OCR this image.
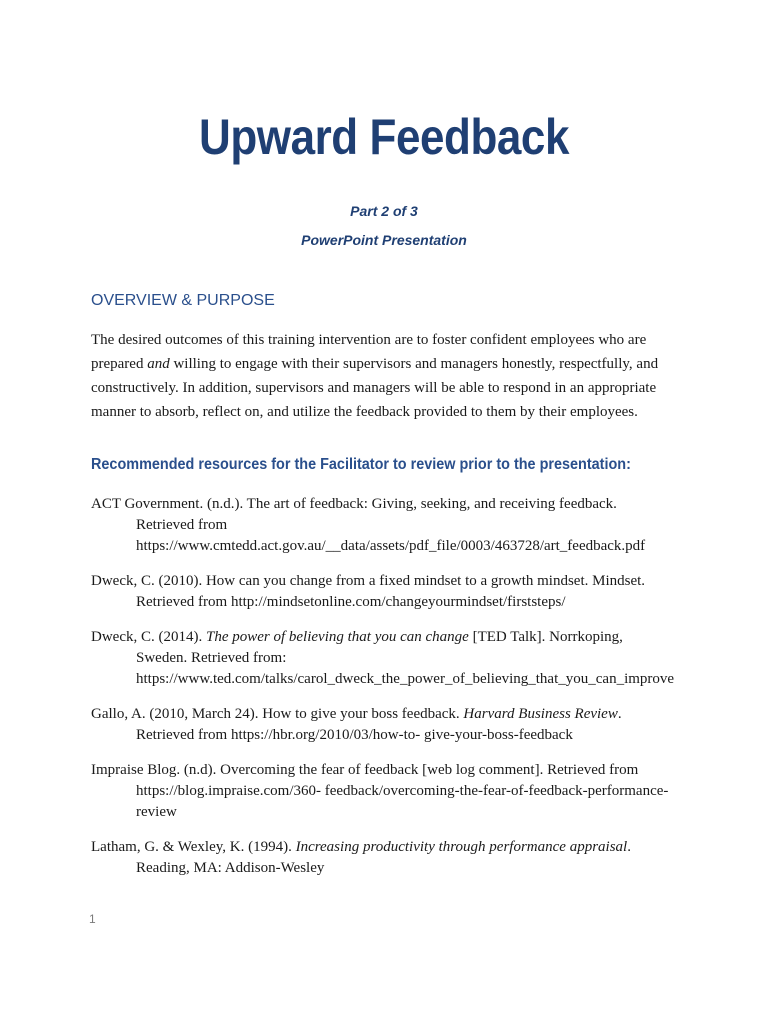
Upward Feedback
Part 2 of 3
PowerPoint Presentation
OVERVIEW & PURPOSE
The desired outcomes of this training intervention are to foster confident employees who are
prepared and willing to engage with their supervisors and managers honestly, respectfully, and
constructively. In addition, supervisors and managers will be able to respond in an appropriate
manner to absorb, reflect on, and utilize the feedback provided to them by their employees.
Recommended resources for the Facilitator to review prior to the presentation:
ACT Government. (n.d.). The art of feedback: Giving, seeking, and receiving feedback.
Retrieved from
https://www.cmtedd.act.gov.au/__data/assets/pdf_file/0003/463728/art_feedback.pdf
Dweck, C. (2010). How can you change from a fixed mindset to a growth mindset. Mindset.
Retrieved from http://mindsetonline.com/changeyourmindset/firststeps/
Dweck, C. (2014). The power of believing that you can change [TED Talk]. Norrkoping,
Sweden. Retrieved from:
https://www.ted.com/talks/carol_dweck_the_power_of_believing_that_you_can_improve
Gallo, A. (2010, March 24). How to give your boss feedback. Harvard Business Review.
Retrieved from https://hbr.org/2010/03/how-to- give-your-boss-feedback
Impraise Blog. (n.d). Overcoming the fear of feedback [web log comment]. Retrieved from
https://blog.impraise.com/360- feedback/overcoming-the-fear-of-feedback-performance-
review
Latham, G. & Wexley, K. (1994). Increasing productivity through performance appraisal.
Reading, MA: Addison-Wesley
1
